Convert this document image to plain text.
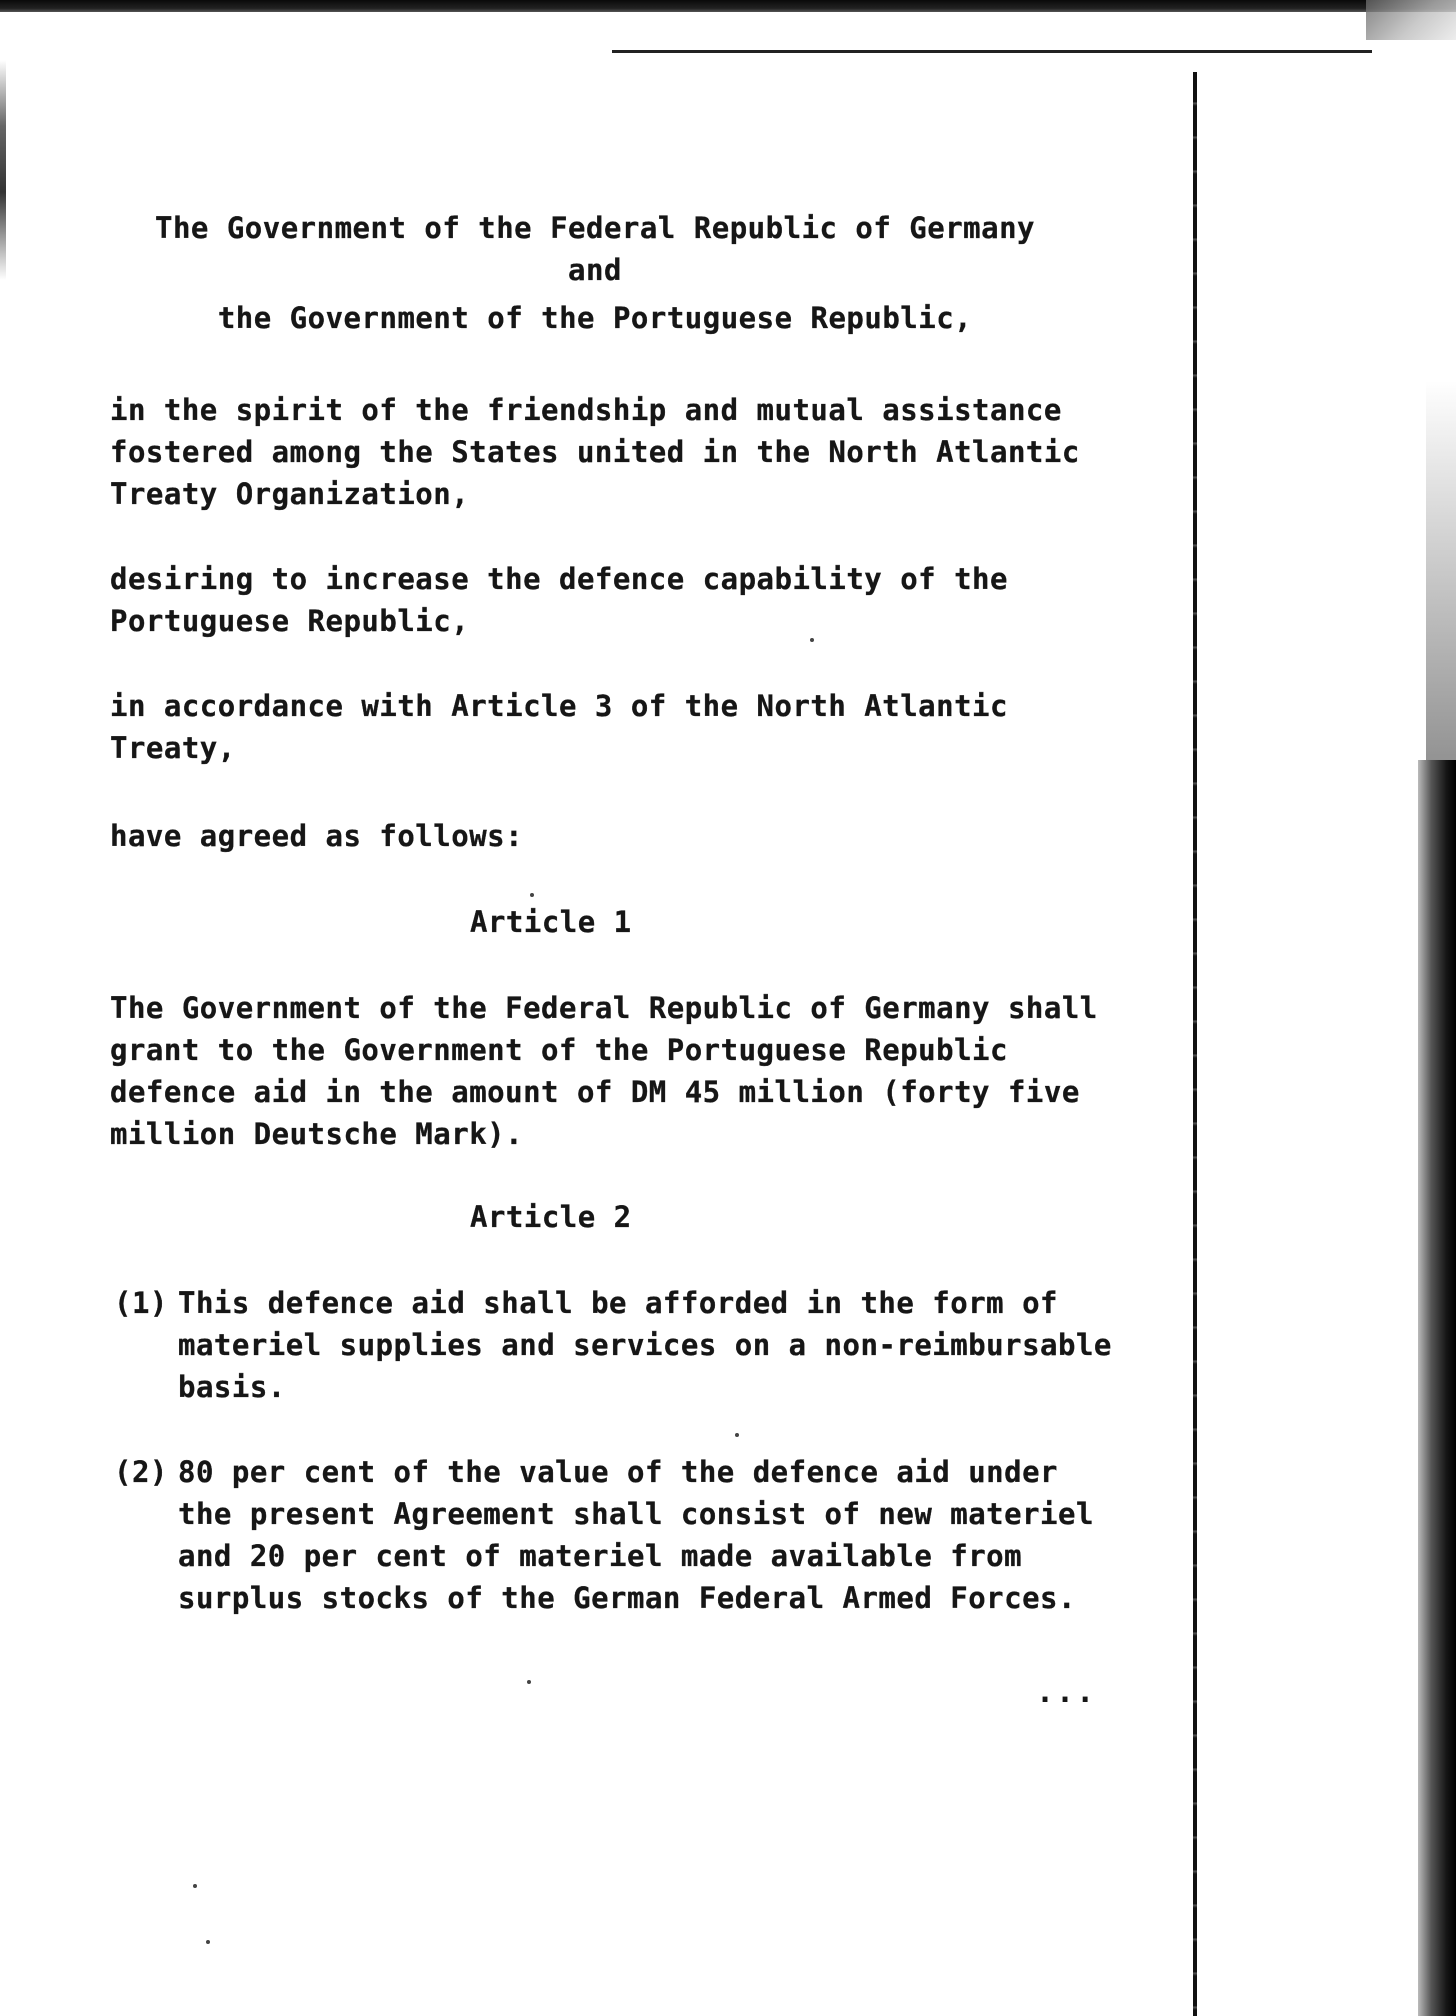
The Government of the Federal Republic of Germany
and
the Government of the Portuguese Republic,
in the spirit of the friendship and mutual assistance
fostered among the States united in the North Atlantic
Treaty Organization,
desiring to increase the defence capability of the
Portuguese Republic,
in accordance with Article 3 of the North Atlantic
Treaty,
have agreed as follows:
Article 1
The Government of the Federal Republic of Germany shall
grant to the Government of the Portuguese Republic
defence aid in the amount of DM 45 million (forty five
million Deutsche Mark).
Article 2
(1) This defence aid shall be afforded in the form of
materiel supplies and services on a non-reimbursable
basis.
(2) 80 per cent of the value of the defence aid under
the present Agreement shall consist of new materiel
and 20 per cent of materiel made available from
surplus stocks of the German Federal Armed Forces.
...
